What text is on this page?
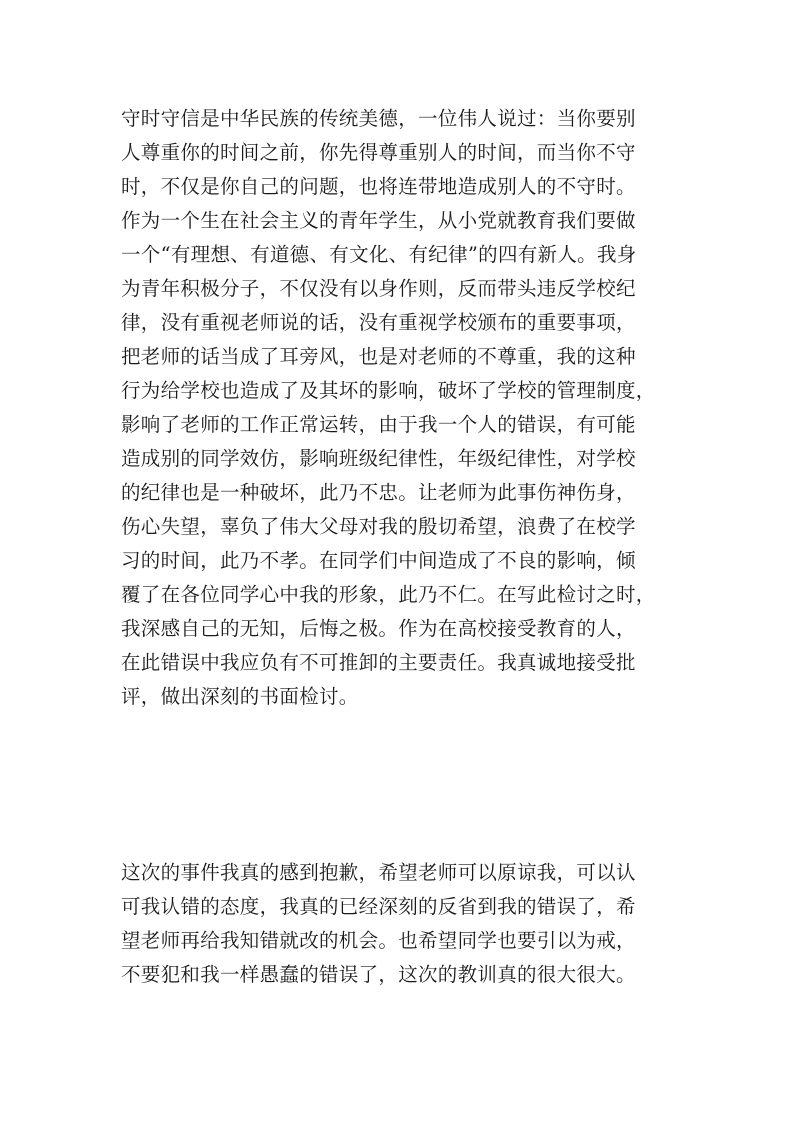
守时守信是中华民族的传统美德，一位伟人说过：当你要别
人尊重你的时间之前，你先得尊重别人的时间，而当你不守
时，不仅是你自己的问题，也将连带地造成别人的不守时。
作为一个生在社会主义的青年学生，从小党就教育我们要做
一个“有理想、有道德、有文化、有纪律”的四有新人。我身
为青年积极分子，不仅没有以身作则，反而带头违反学校纪
律，没有重视老师说的话，没有重视学校颁布的重要事项，
把老师的话当成了耳旁风，也是对老师的不尊重，我的这种
行为给学校也造成了及其坏的影响，破坏了学校的管理制度，
影响了老师的工作正常运转，由于我一个人的错误，有可能
造成别的同学效仿，影响班级纪律性，年级纪律性，对学校
的纪律也是一种破坏，此乃不忠。让老师为此事伤神伤身，
伤心失望，辜负了伟大父母对我的殷切希望，浪费了在校学
习的时间，此乃不孝。在同学们中间造成了不良的影响，倾
覆了在各位同学心中我的形象，此乃不仁。在写此检讨之时，
我深感自己的无知，后悔之极。作为在高校接受教育的人，
在此错误中我应负有不可推卸的主要责任。我真诚地接受批
评，做出深刻的书面检讨。
这次的事件我真的感到抱歉，希望老师可以原谅我，可以认
可我认错的态度，我真的已经深刻的反省到我的错误了，希
望老师再给我知错就改的机会。也希望同学也要引以为戒，
不要犯和我一样愚蠢的错误了，这次的教训真的很大很大。
